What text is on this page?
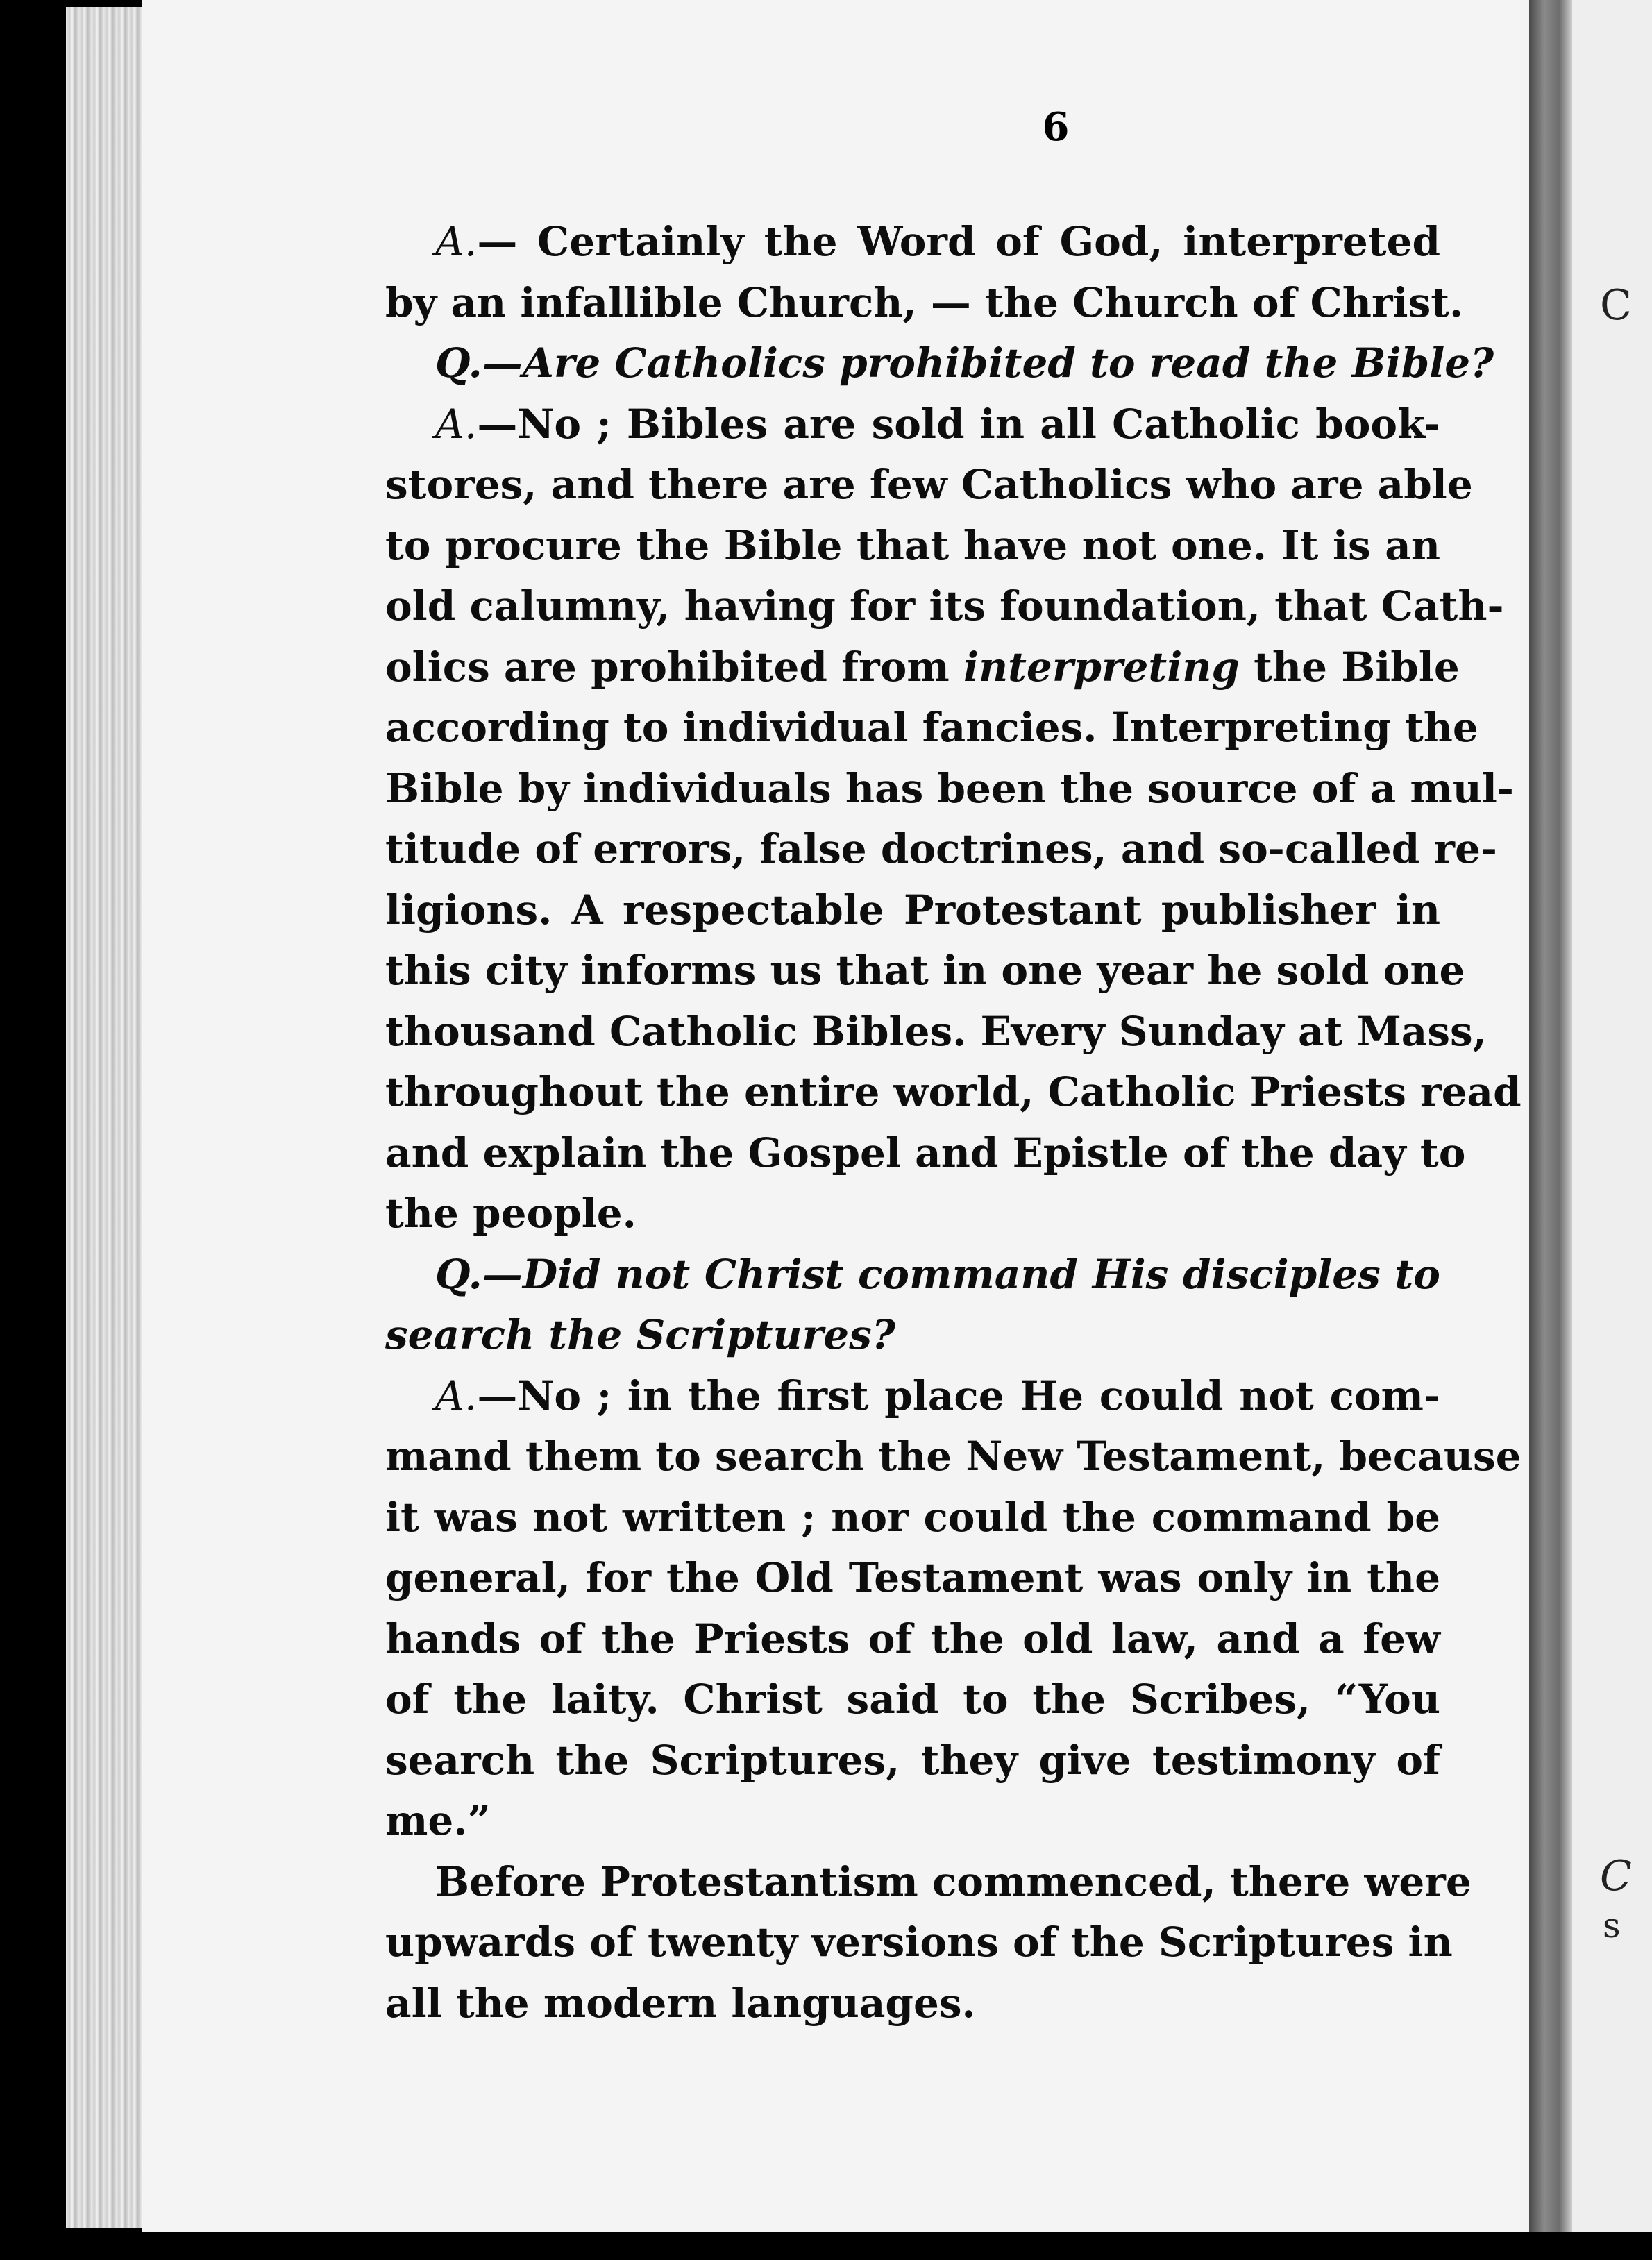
6
C
C
s
A.— Certainly the Word of God, interpreted
by an infallible Church, — the Church of Christ.
Q.—Are Catholics prohibited to read the Bible?
A.—No ; Bibles are sold in all Catholic book-
stores, and there are few Catholics who are able
to procure the Bible that have not one. It is an
old calumny, having for its foundation, that Cath-
olics are prohibited from interpreting the Bible
according to individual fancies. Interpreting the
Bible by individuals has been the source of a mul-
titude of errors, false doctrines, and so-called re-
ligions. A respectable Protestant publisher in
this city informs us that in one year he sold one
thousand Catholic Bibles. Every Sunday at Mass,
throughout the entire world, Catholic Priests read
and explain the Gospel and Epistle of the day to
the people.
Q.—Did not Christ command His disciples to
search the Scriptures?
A.—No ; in the first place He could not com-
mand them to search the New Testament, because
it was not written ; nor could the command be
general, for the Old Testament was only in the
hands of the Priests of the old law, and a few
of the laity. Christ said to the Scribes, “You
search the Scriptures, they give testimony of
me.”
Before Protestantism commenced, there were
upwards of twenty versions of the Scriptures in
all the modern languages.
